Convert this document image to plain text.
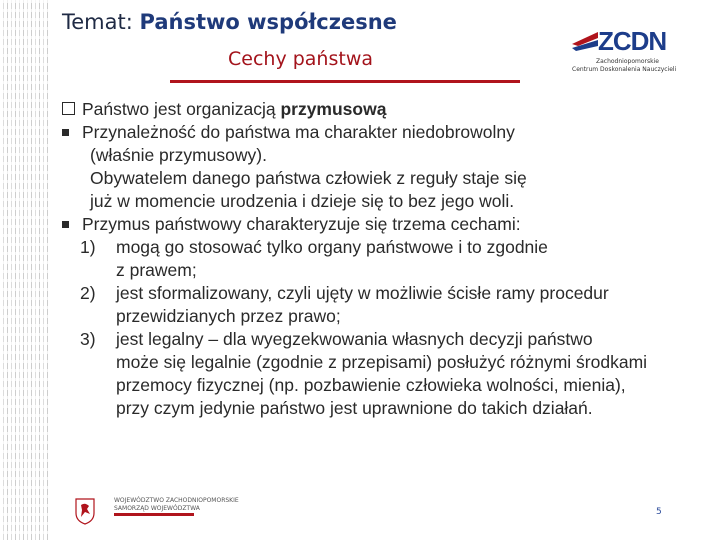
Temat: Państwo współczesne
Cechy państwa
ZCDN
Zachodniopomorskie
Centrum Doskonalenia Nauczycieli
Państwo jest organizacją przymusową
Przynależność do państwa ma charakter niedobrowolny
(właśnie przymusowy).
Obywatelem danego państwa człowiek z reguły staje się
już w momencie urodzenia i dzieje się to bez jego woli.
Przymus państwowy charakteryzuje się trzema cechami:
1)	mogą go stosować tylko organy państwowe i to zgodnie
z prawem;
2)	jest sformalizowany, czyli ujęty w możliwie ścisłe ramy procedur
przewidzianych przez prawo;
3)	jest legalny – dla wyegzekwowania własnych decyzji państwo
może się legalnie (zgodnie z przepisami) posłużyć różnymi środkami
przemocy fizycznej (np. pozbawienie człowieka wolności, mienia),
przy czym jedynie państwo jest uprawnione do takich działań.
WOJEWÓDZTWO ZACHODNIOPOMORSKIE
SAMORZĄD WOJEWÓDZTWA	5
